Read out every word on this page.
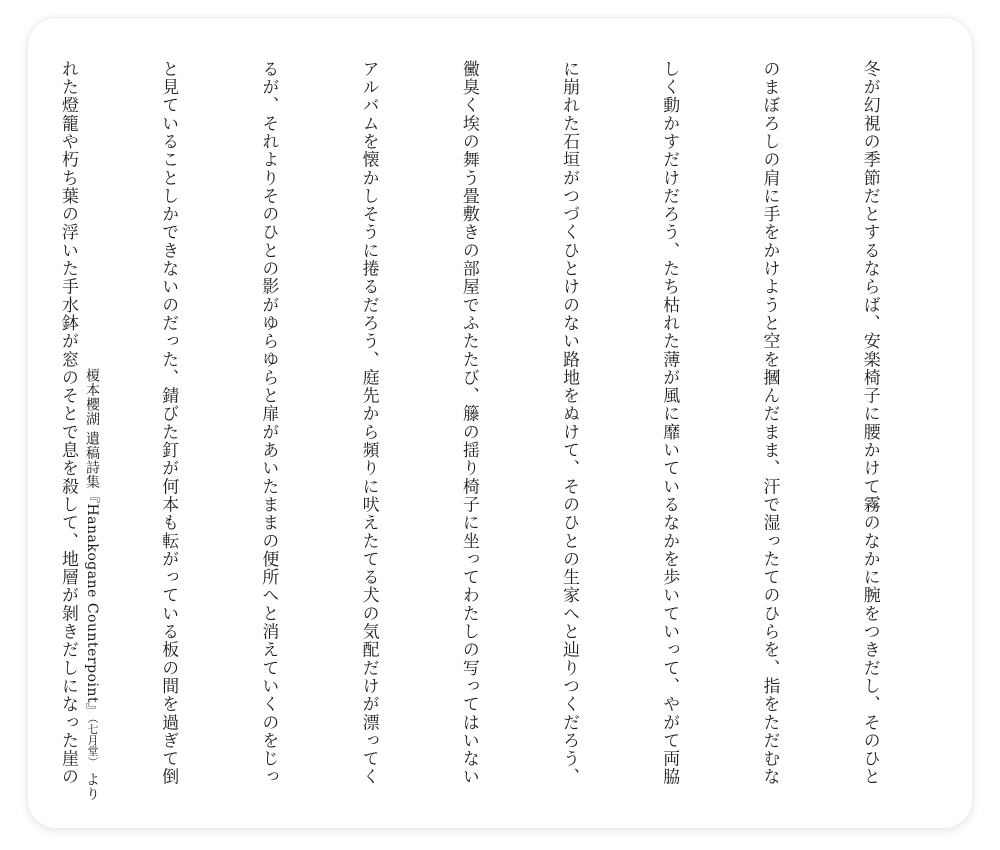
冬が幻視の季節だとするならば、安楽椅子に腰かけて霧のなかに腕をつきだし、そのひと

のまぼろしの肩に手をかけようと空を摑んだまま、汗で湿ったてのひらを、指をただむな

しく動かすだけだろう、たち枯れた薄が風に靡いているなかを歩いていって、やがて両脇

に崩れた石垣がつづくひとけのない路地をぬけて、そのひとの生家へと辿りつくだろう、

黴臭く埃の舞う畳敷きの部屋でふたたび、籐の揺り椅子に坐ってわたしの写ってはいない

アルバムを懐かしそうに捲るだろう、庭先から頻りに吠えたてる犬の気配だけが漂ってく

るが、それよりそのひとの影がゆらゆらと扉があいたままの便所へと消えていくのをじっ

と見ていることしかできないのだった、錆びた釘が何本も転がっている板の間を過ぎて倒

れた燈籠や朽ち葉の浮いた手水鉢が窓のそとで息を殺して、地層が剝きだしになった崖の

榎本櫻湖 遺稿詩集『Hanakogane Counterpoint』（七月堂） より
